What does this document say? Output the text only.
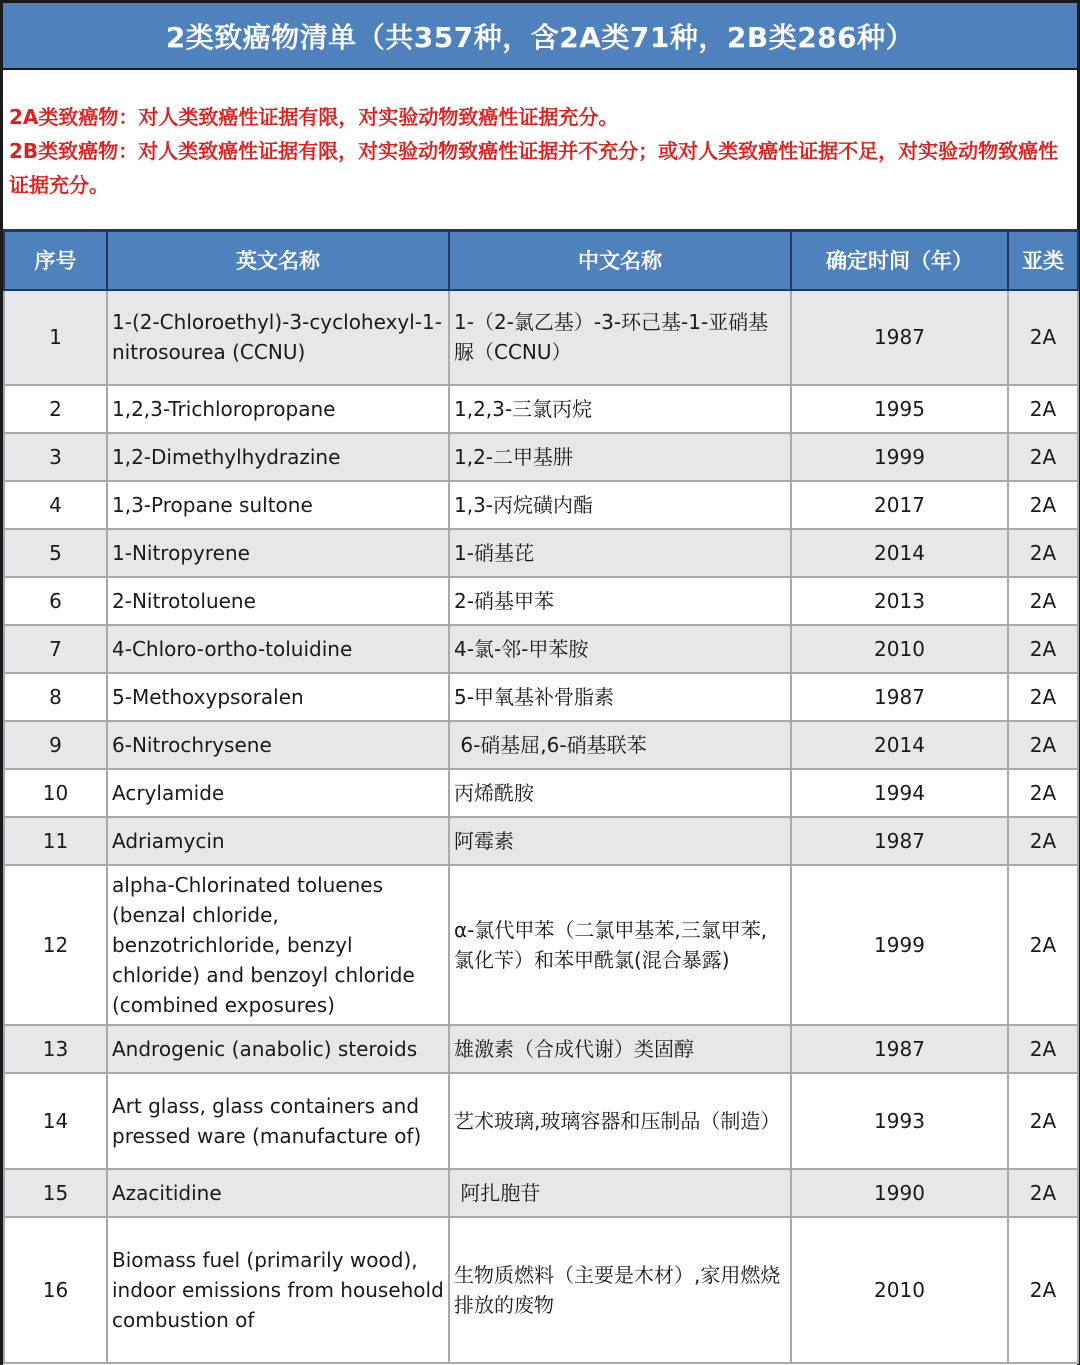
2类致癌物清单（共357种，含2A类71种，2B类286种）

2A类致癌物：对人类致癌性证据有限，对实验动物致癌性证据充分。

2B类致癌物：对人类致癌性证据有限，对实验动物致癌性证据并不充分；或对人类致癌性证据不足，对实验动物致癌性证据充分。

序号	英文名称	中文名称	确定时间（年）	亚类
1	1-(2-Chloroethyl)-3-cyclohexyl-1-nitrosourea (CCNU)	1-（2-氯乙基）-3-环己基-1-亚硝基脲（CCNU）	1987	2A
2	1,2,3-Trichloropropane	1,2,3-三氯丙烷	1995	2A
3	1,2-Dimethylhydrazine	1,2-二甲基肼	1999	2A
4	1,3-Propane sultone	1,3-丙烷磺内酯	2017	2A
5	1-Nitropyrene	1-硝基芘	2014	2A
6	2-Nitrotoluene	2-硝基甲苯	2013	2A
7	4-Chloro-ortho-toluidine	4-氯-邻-甲苯胺	2010	2A
8	5-Methoxypsoralen	5-甲氧基补骨脂素	1987	2A
9	6-Nitrochrysene	6-硝基屈,6-硝基联苯	2014	2A
10	Acrylamide	丙烯酰胺	1994	2A
11	Adriamycin	阿霉素	1987	2A
12	alpha-Chlorinated toluenes (benzal chloride, benzotrichloride, benzyl chloride) and benzoyl chloride (combined exposures)	α-氯代甲苯（二氯甲基苯,三氯甲苯,氯化苄）和苯甲酰氯(混合暴露)	1999	2A
13	Androgenic (anabolic) steroids	雄激素（合成代谢）类固醇	1987	2A
14	Art glass, glass containers and pressed ware (manufacture of)	艺术玻璃,玻璃容器和压制品（制造）	1993	2A
15	Azacitidine	阿扎胞苷	1990	2A
16	Biomass fuel (primarily wood), indoor emissions from household combustion of	生物质燃料（主要是木材）,家用燃烧排放的废物	2010	2A
